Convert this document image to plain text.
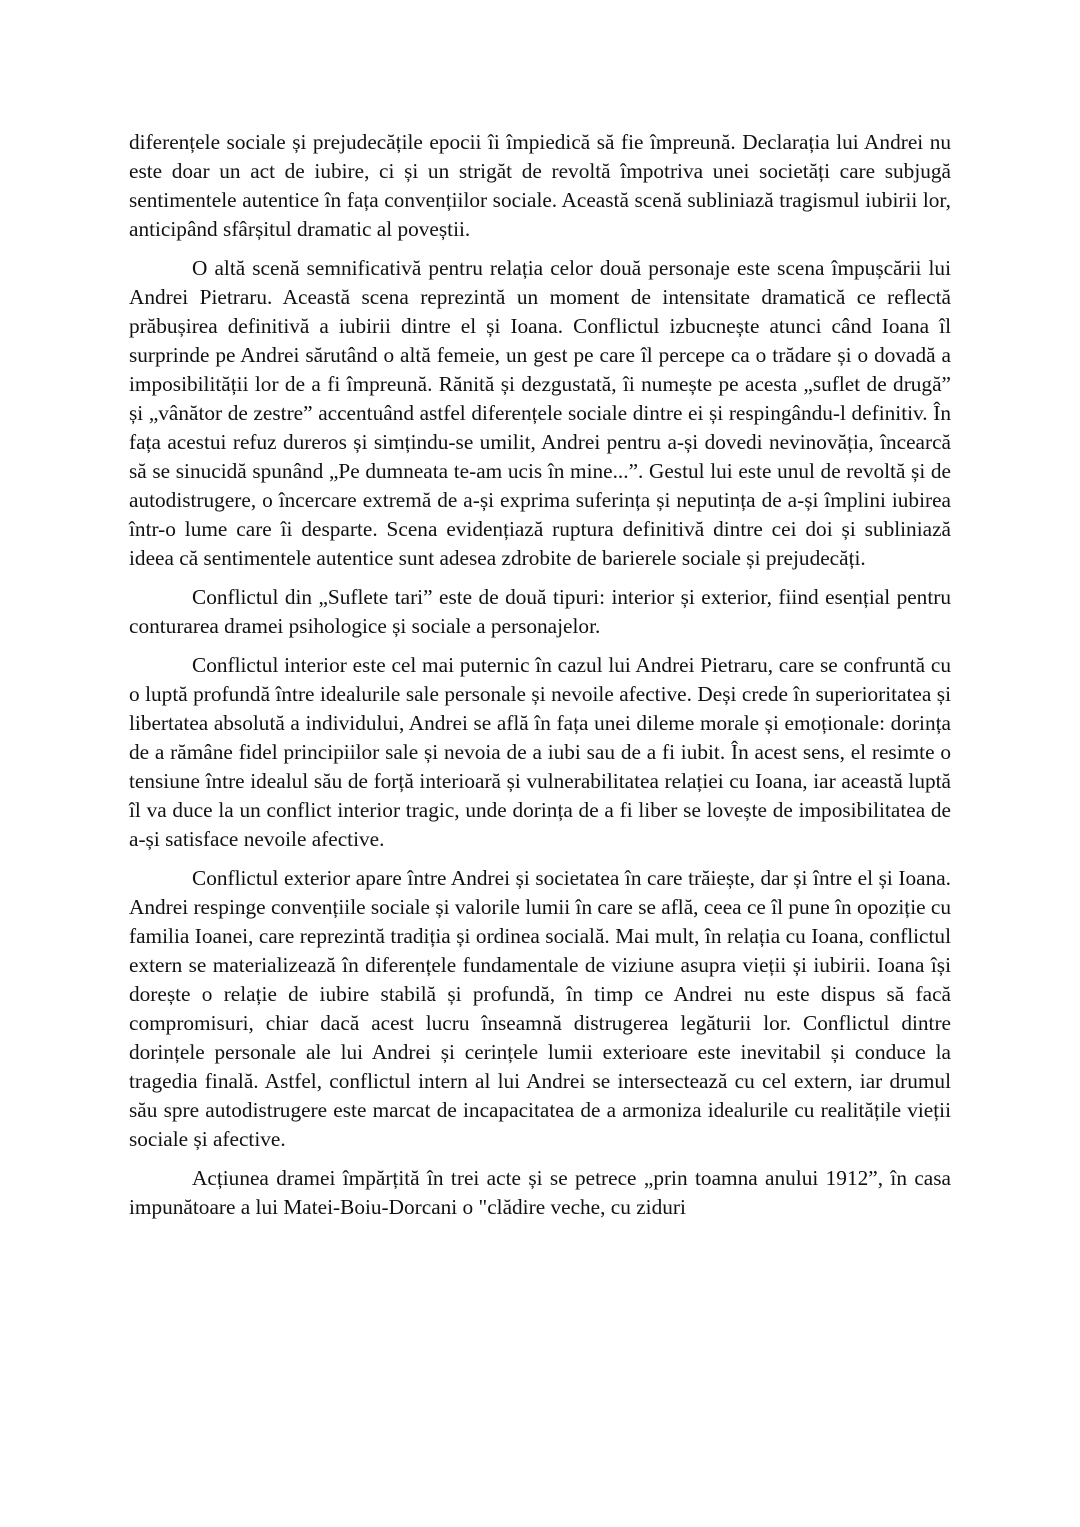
diferențele sociale și prejudecățile epocii îi împiedică să fie împreună. Declarația lui Andrei nu este doar un act de iubire, ci și un strigăt de revoltă împotriva unei societăți care subjugă sentimentele autentice în fața convențiilor sociale. Această scenă subliniază tragismul iubirii lor, anticipând sfârșitul dramatic al poveștii.

O altă scenă semnificativă pentru relația celor două personaje este scena împușcării lui Andrei Pietraru. Această scena reprezintă un moment de intensitate dramatică ce reflectă prăbușirea definitivă a iubirii dintre el și Ioana. Conflictul izbucnește atunci când Ioana îl surprinde pe Andrei sărutând o altă femeie, un gest pe care îl percepe ca o trădare și o dovadă a imposibilității lor de a fi împreună. Rănită și dezgustată, îi numește pe acesta „suflet de drugă” și „vânător de zestre” accentuând astfel diferențele sociale dintre ei și respingându-l definitiv. În fața acestui refuz dureros și simțindu-se umilit, Andrei pentru a-și dovedi nevinovăția, încearcă să se sinucidă spunând „Pe dumneata te-am ucis în mine...”. Gestul lui este unul de revoltă și de autodistrugere, o încercare extremă de a-și exprima suferința și neputința de a-și împlini iubirea într-o lume care îi desparte. Scena evidențiază ruptura definitivă dintre cei doi și subliniază ideea că sentimentele autentice sunt adesea zdrobite de barierele sociale și prejudecăți.

Conflictul din „Suflete tari” este de două tipuri: interior și exterior, fiind esențial pentru conturarea dramei psihologice și sociale a personajelor.

Conflictul interior este cel mai puternic în cazul lui Andrei Pietraru, care se confruntă cu o luptă profundă între idealurile sale personale și nevoile afective. Deși crede în superioritatea și libertatea absolută a individului, Andrei se află în fața unei dileme morale și emoționale: dorința de a rămâne fidel principiilor sale și nevoia de a iubi sau de a fi iubit. În acest sens, el resimte o tensiune între idealul său de forță interioară și vulnerabilitatea relației cu Ioana, iar această luptă îl va duce la un conflict interior tragic, unde dorința de a fi liber se lovește de imposibilitatea de a-și satisface nevoile afective.

Conflictul exterior apare între Andrei și societatea în care trăiește, dar și între el și Ioana. Andrei respinge convențiile sociale și valorile lumii în care se află, ceea ce îl pune în opoziție cu familia Ioanei, care reprezintă tradiția și ordinea socială. Mai mult, în relația cu Ioana, conflictul extern se materializează în diferențele fundamentale de viziune asupra vieții și iubirii. Ioana își dorește o relație de iubire stabilă și profundă, în timp ce Andrei nu este dispus să facă compromisuri, chiar dacă acest lucru înseamnă distrugerea legăturii lor. Conflictul dintre dorințele personale ale lui Andrei și cerințele lumii exterioare este inevitabil și conduce la tragedia finală. Astfel, conflictul intern al lui Andrei se intersectează cu cel extern, iar drumul său spre autodistrugere este marcat de incapacitatea de a armoniza idealurile cu realitățile vieții sociale și afective.

Acțiunea dramei împărțită în trei acte și se petrece „prin toamna anului 1912”, în casa impunătoare a lui Matei-Boiu-Dorcani o "clădire veche, cu ziduri
